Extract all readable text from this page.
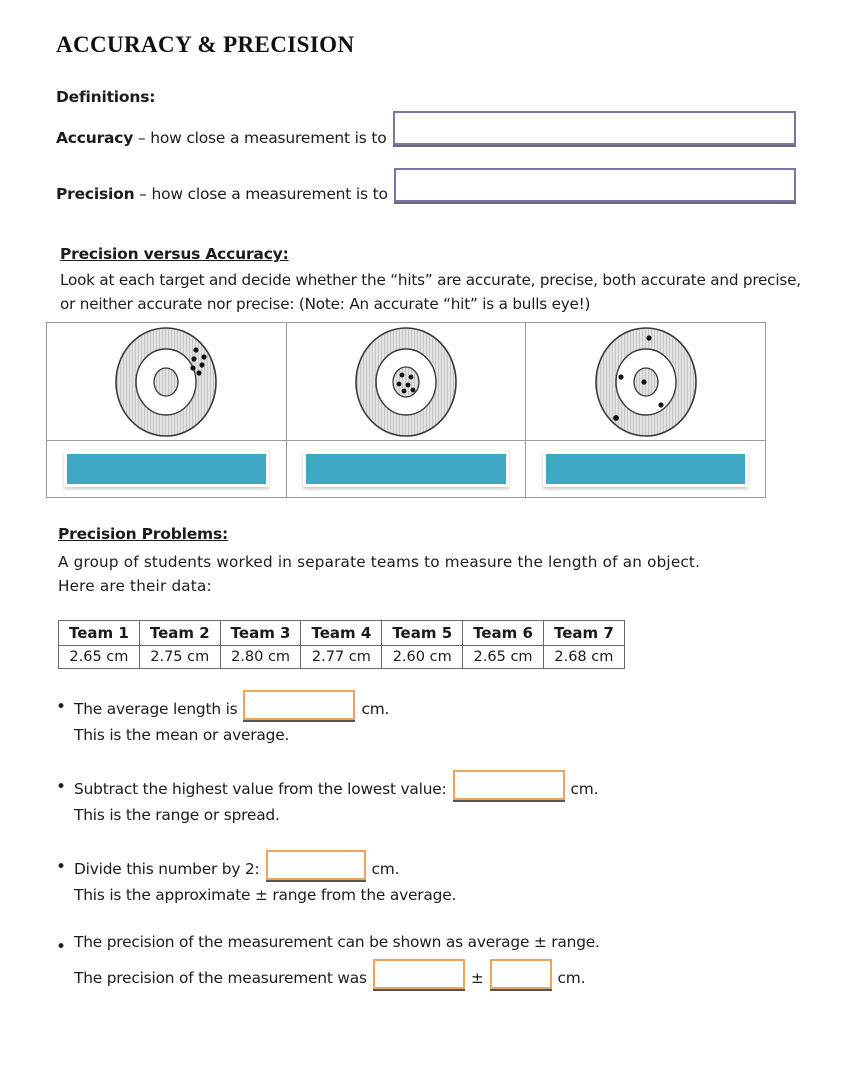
ACCURACY & PRECISION
Definitions:
Accuracy – how close a measurement is to
Precision – how close a measurement is to
Precision versus Accuracy:
Look at each target and decide whether the “hits” are accurate, precise, both accurate and precise, or neither accurate nor precise: (Note: An accurate “hit” is a bulls eye!)
Precision Problems:
A group of students worked in separate teams to measure the length of an object.
Here are their data:
Team 1	Team 2	Team 3	Team 4	Team 5	Team 6	Team 7
2.65 cm	2.75 cm	2.80 cm	2.77 cm	2.60 cm	2.65 cm	2.68 cm
• The average length is	cm.
This is the mean or average.
• Subtract the highest value from the lowest value:	cm.
This is the range or spread.
• Divide this number by 2:	cm.
This is the approximate ± range from the average.
• The precision of the measurement can be shown as average ± range.
The precision of the measurement was	±	cm.
